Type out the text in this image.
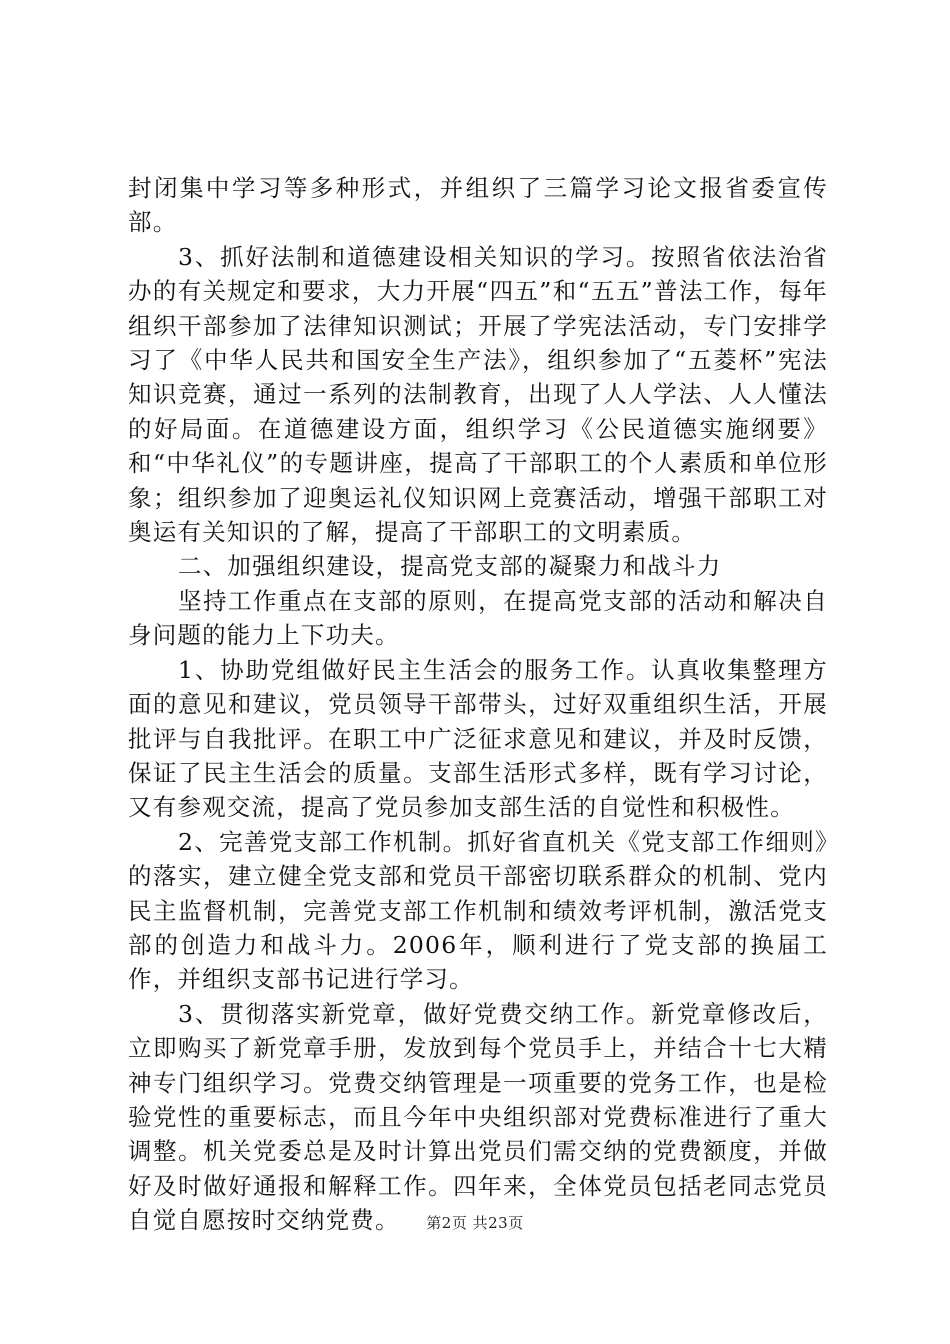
封闭集中学习等多种形式，并组织了三篇学习论文报省委宣传部。

3、抓好法制和道德建设相关知识的学习。按照省依法治省办的有关规定和要求，大力开展“四五”和“五五”普法工作，每年组织干部参加了法律知识测试；开展了学宪法活动，专门安排学习了《中华人民共和国安全生产法》，组织参加了“五菱杯”宪法知识竞赛，通过一系列的法制教育，出现了人人学法、人人懂法的好局面。在道德建设方面，组织学习《公民道德实施纲要》和“中华礼仪”的专题讲座，提高了干部职工的个人素质和单位形象；组织参加了迎奥运礼仪知识网上竞赛活动，增强干部职工对奥运有关知识的了解，提高了干部职工的文明素质。

二、加强组织建设，提高党支部的凝聚力和战斗力

坚持工作重点在支部的原则，在提高党支部的活动和解决自身问题的能力上下功夫。

1、协助党组做好民主生活会的服务工作。认真收集整理方面的意见和建议，党员领导干部带头，过好双重组织生活，开展批评与自我批评。在职工中广泛征求意见和建议，并及时反馈，保证了民主生活会的质量。支部生活形式多样，既有学习讨论，又有参观交流，提高了党员参加支部生活的自觉性和积极性。

2、完善党支部工作机制。抓好省直机关《党支部工作细则》的落实，建立健全党支部和党员干部密切联系群众的机制、党内民主监督机制，完善党支部工作机制和绩效考评机制，激活党支部的创造力和战斗力。2006年，顺利进行了党支部的换届工作，并组织支部书记进行学习。

3、贯彻落实新党章，做好党费交纳工作。新党章修改后，立即购买了新党章手册，发放到每个党员手上，并结合十七大精神专门组织学习。党费交纳管理是一项重要的党务工作，也是检验党性的重要标志，而且今年中央组织部对党费标准进行了重大调整。机关党委总是及时计算出党员们需交纳的党费额度，并做好及时做好通报和解释工作。四年来，全体党员包括老同志党员自觉自愿按时交纳党费。	第2页 共23页
